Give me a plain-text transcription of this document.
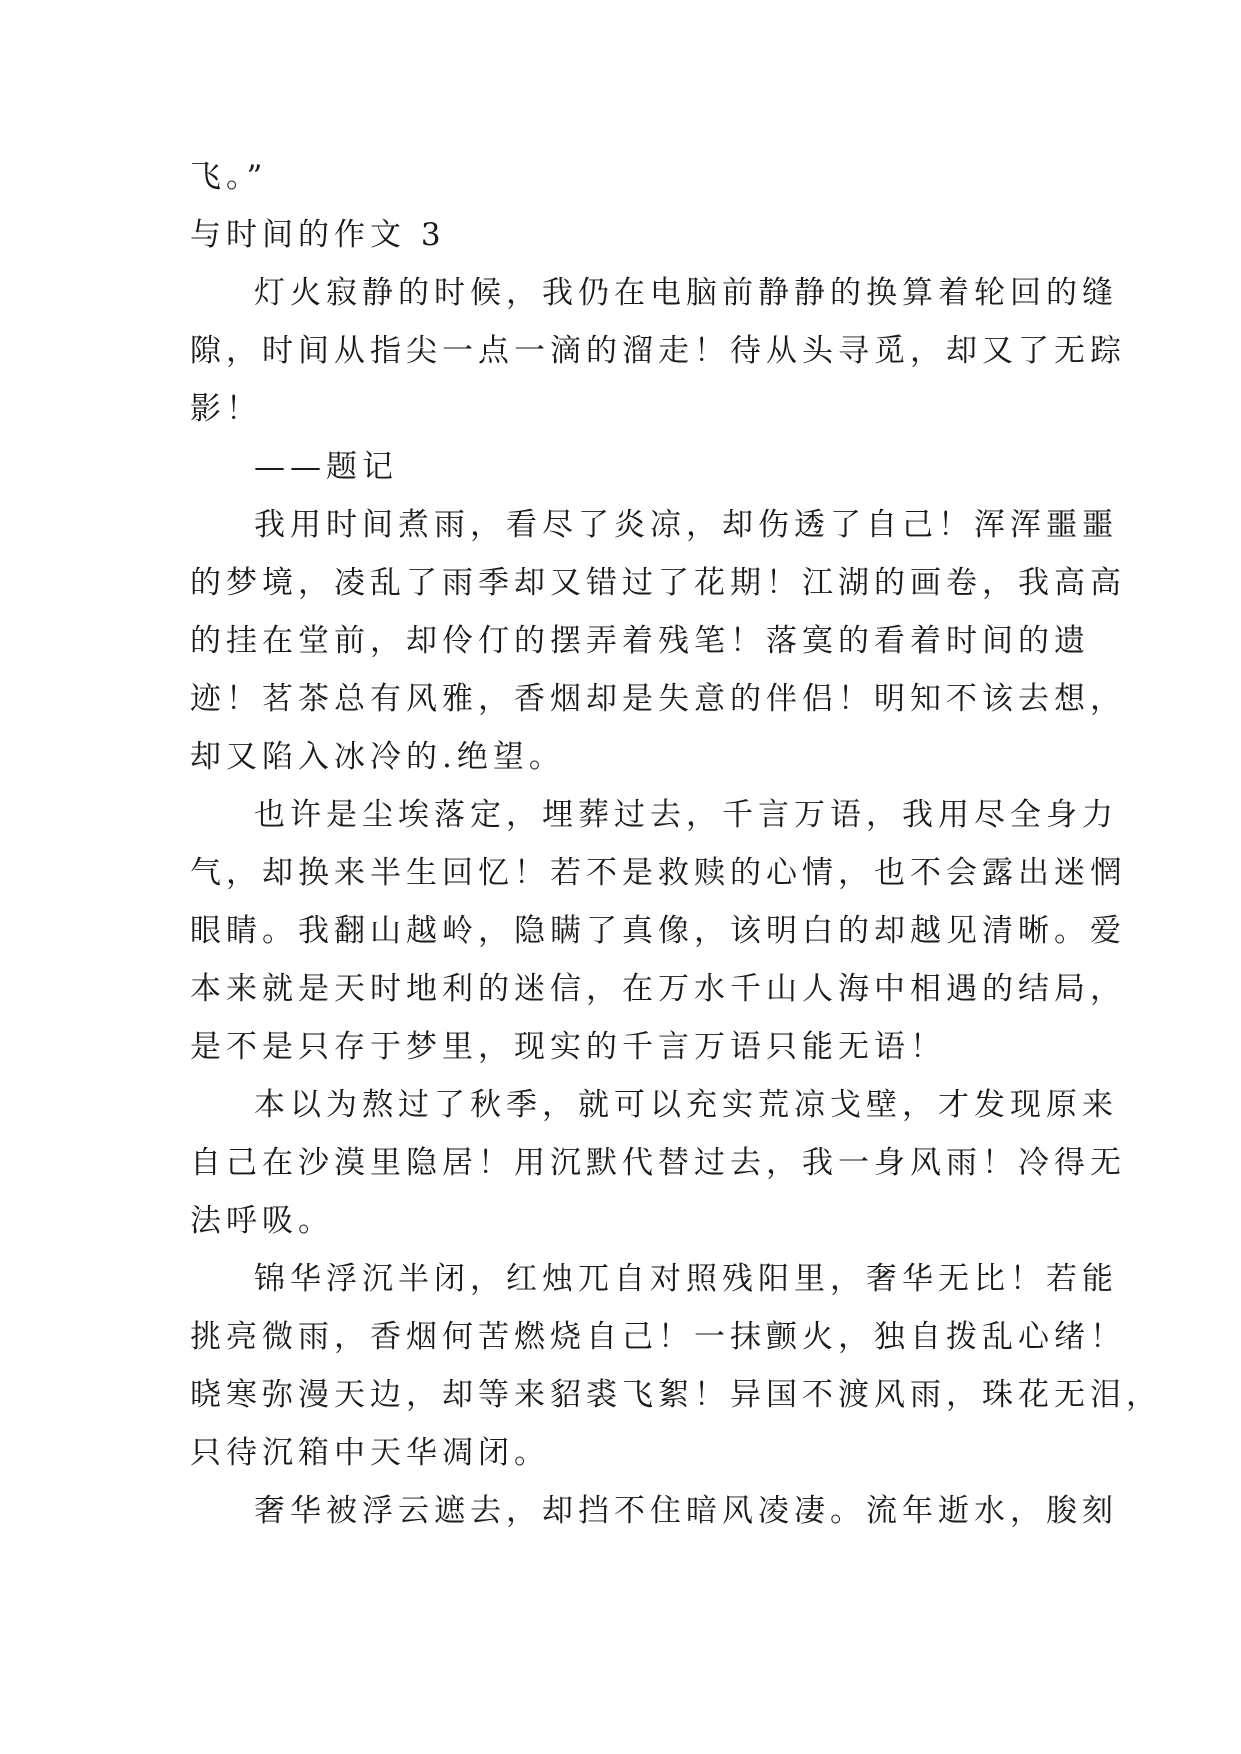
飞。”
与时间的作文 3
灯火寂静的时候，我仍在电脑前静静的换算着轮回的缝
隙，时间从指尖一点一滴的溜走！待从头寻觅，却又了无踪
影！
——题记
我用时间煮雨，看尽了炎凉，却伤透了自己！浑浑噩噩
的梦境，凌乱了雨季却又错过了花期！江湖的画卷，我高高
的挂在堂前，却伶仃的摆弄着残笔！落寞的看着时间的遗
迹！茗茶总有风雅，香烟却是失意的伴侣！明知不该去想，
却又陷入冰冷的.绝望。
也许是尘埃落定，埋葬过去，千言万语，我用尽全身力
气，却换来半生回忆！若不是救赎的心情，也不会露出迷惘
眼睛。我翻山越岭，隐瞒了真像，该明白的却越见清晰。爱
本来就是天时地利的迷信，在万水千山人海中相遇的结局，
是不是只存于梦里，现实的千言万语只能无语！
本以为熬过了秋季，就可以充实荒凉戈壁，才发现原来
自己在沙漠里隐居！用沉默代替过去，我一身风雨！冷得无
法呼吸。
锦华浮沉半闭，红烛兀自对照残阳里，奢华无比！若能
挑亮微雨，香烟何苦燃烧自己！一抹颤火，独自拨乱心绪！
晓寒弥漫天边，却等来貂裘飞絮！异国不渡风雨，珠花无泪，
只待沉箱中天华凋闭。
奢华被浮云遮去，却挡不住暗风凌凄。流年逝水，朘刻
